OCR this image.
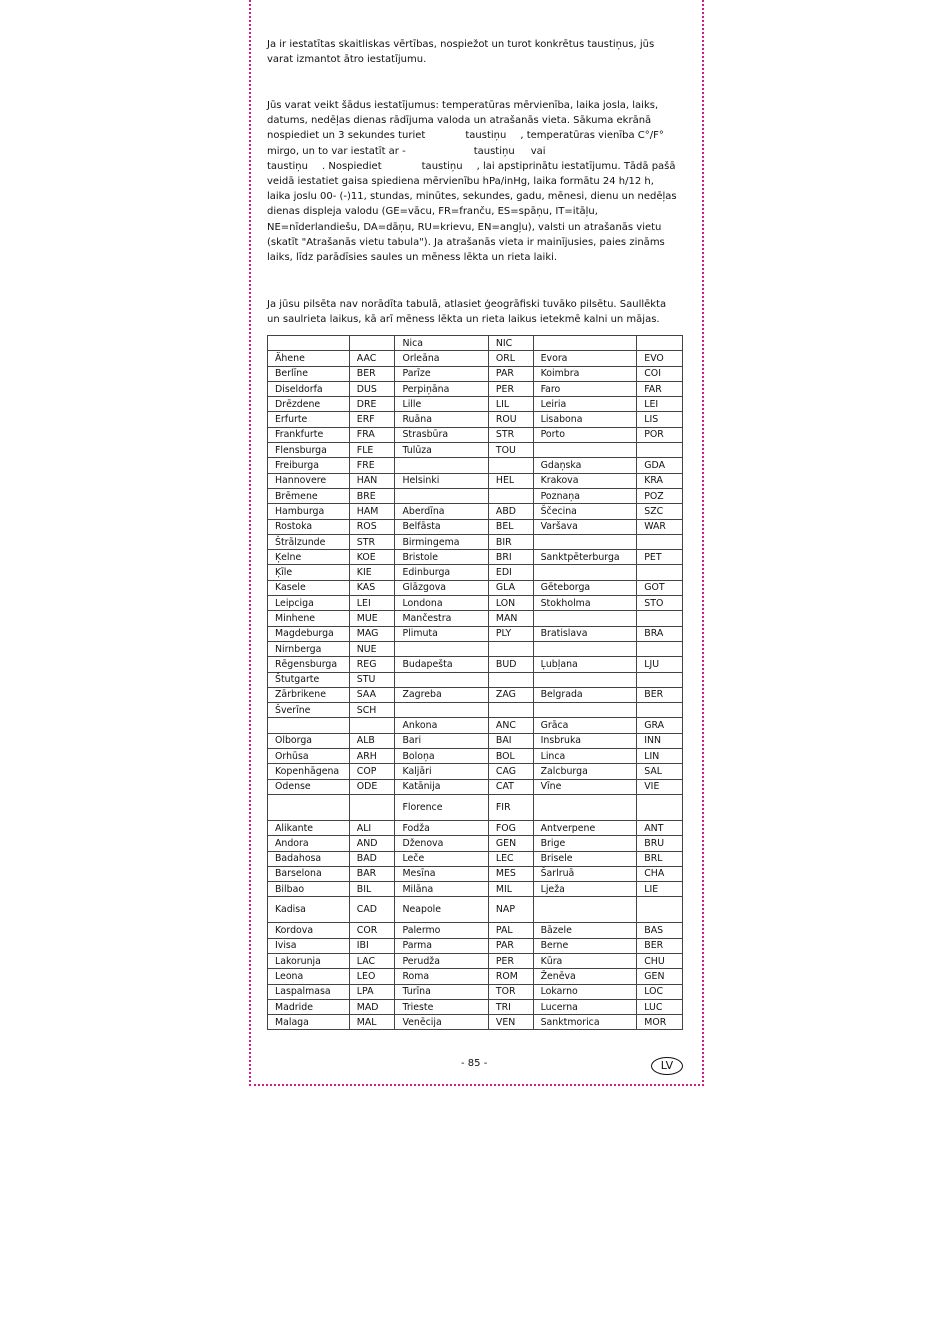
Ja ir iestatītas skaitliskas vērtības, nospiežot un turot konkrētus taustiņus, jūs varat izmantot ātro iestatījumu.

Jūs varat veikt šādus iestatījumus: temperatūras mērvienība, laika josla, laiks, datums, nedēļas dienas rādījuma valoda un atrašanās vieta. Sākuma ekrānā nospiediet un 3 sekundes turiet	taustiņu , temperatūras vienība C°/F° mirgo, un to var iestatīt ar -	taustiņu vai
taustiņu . Nospiediet	taustiņu , lai apstiprinātu iestatījumu. Tādā pašā veidā iestatiet gaisa spiediena mērvienību hPa/inHg, laika formātu 24 h/12 h, laika joslu 00- (-)11, stundas, minūtes, sekundes, gadu, mēnesi, dienu un nedēļas dienas displeja valodu (GE=vācu, FR=franču, ES=spāņu, IT=itāļu, NE=nīderlandiešu, DA=dāņu, RU=krievu, EN=angļu), valsti un atrašanās vietu (skatīt "Atrašanās vietu tabula"). Ja atrašanās vieta ir mainījusies, paies zināms laiks, līdz parādīsies saules un mēness lēkta un rieta laiki.

Ja jūsu pilsēta nav norādīta tabulā, atlasiet ģeogrāfiski tuvāko pilsētu. Saullēkta un saulrieta laikus, kā arī mēness lēkta un rieta laikus ietekmē kalni un mājas.

		Nica	NIC		
Ähene	AAC	Orleāna	ORL	Evora	EVO
Berlīne	BER	Parīze	PAR	Koimbra	COI
Diseldorfa	DUS	Perpiņāna	PER	Faro	FAR
Drēzdene	DRE	Lille	LIL	Leiria	LEI
Erfurte	ERF	Ruāna	ROU	Lisabona	LIS
Frankfurte	FRA	Strasbūra	STR	Porto	POR
Flensburga	FLE	Tulūza	TOU		
Freiburga	FRE			Gdaņska	GDA
Hannovere	HAN	Helsinki	HEL	Krakova	KRA
Brēmene	BRE			Poznaņa	POZ
Hamburga	HAM	Aberdīna	ABD	Ščecina	SZC
Rostoka	ROS	Belfāsta	BEL	Varšava	WAR
Štrālzunde	STR	Birmingema	BIR		
Ķelne	KOE	Bristole	BRI	Sanktpēterburga	PET
Ķīle	KIE	Edinburga	EDI		
Kasele	KAS	Glāzgova	GLA	Gēteborga	GOT
Leipciga	LEI	Londona	LON	Stokholma	STO
Minhene	MUE	Mančestra	MAN		
Magdeburga	MAG	Plimuta	PLY	Bratislava	BRA
Nirnberga	NUE				
Rēgensburga	REG	Budapešta	BUD	Ļubļana	LJU
Štutgarte	STU				
Zārbrikene	SAA	Zagreba	ZAG	Belgrada	BER
Šverīne	SCH				
		Ankona	ANC	Grāca	GRA
Olborga	ALB	Bari	BAI	Insbruka	INN
Orhūsa	ARH	Boloņa	BOL	Linca	LIN
Kopenhāgena	COP	Kaljāri	CAG	Zalcburga	SAL
Odense	ODE	Katānija	CAT	Vīne	VIE
		Florence	FIR		
Alikante	ALI	Fodža	FOG	Antverpene	ANT
Andora	AND	Dženova	GEN	Brige	BRU
Badahosa	BAD	Leče	LEC	Brisele	BRL
Barselona	BAR	Mesīna	MES	Šarlruā	CHA
Bilbao	BIL	Milāna	MIL	Lježa	LIE
Kadisa	CAD	Neapole	NAP		
Kordova	COR	Palermo	PAL	Bāzele	BAS
Ivisa	IBI	Parma	PAR	Berne	BER
Lakorunja	LAC	Perudža	PER	Kūra	CHU
Leona	LEO	Roma	ROM	Ženēva	GEN
Laspalmasa	LPA	Turīna	TOR	Lokarno	LOC
Madride	MAD	Trieste	TRI	Lucerna	LUC
Malaga	MAL	Venēcija	VEN	Sanktmorica	MOR
- 85 -	LV
